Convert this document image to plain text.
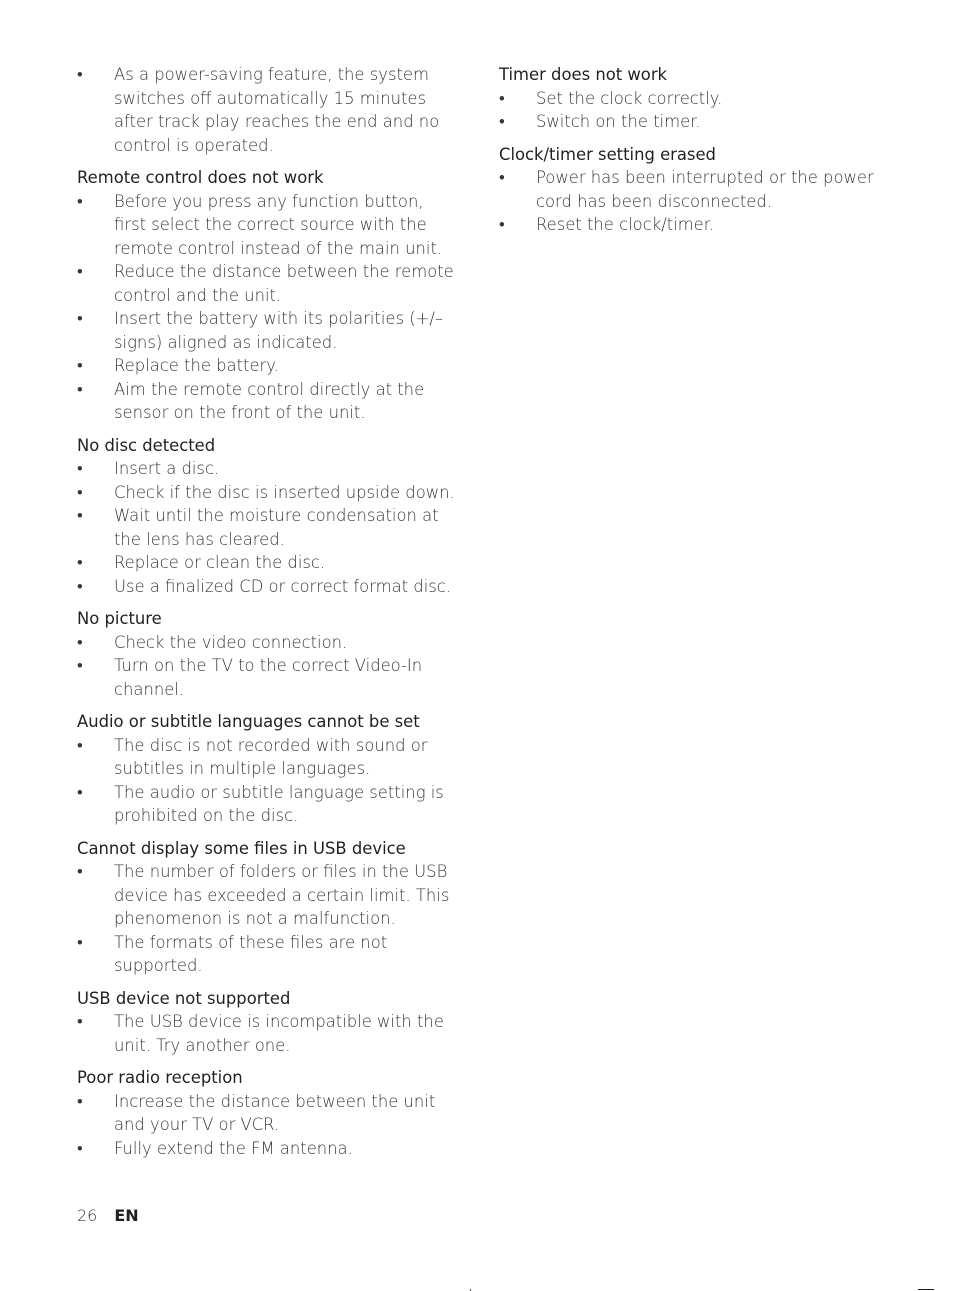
• As a power-saving feature, the system switches off automatically 15 minutes after track play reaches the end and no control is operated.
Remote control does not work
• Before you press any function button, first select the correct source with the remote control instead of the main unit.
• Reduce the distance between the remote control and the unit.
• Insert the battery with its polarities (+/– signs) aligned as indicated.
• Replace the battery.
• Aim the remote control directly at the sensor on the front of the unit.
No disc detected
• Insert a disc.
• Check if the disc is inserted upside down.
• Wait until the moisture condensation at the lens has cleared.
• Replace or clean the disc.
• Use a finalized CD or correct format disc.
No picture
• Check the video connection.
• Turn on the TV to the correct Video-In channel.
Audio or subtitle languages cannot be set
• The disc is not recorded with sound or subtitles in multiple languages.
• The audio or subtitle language setting is prohibited on the disc.
Cannot display some files in USB device
• The number of folders or files in the USB device has exceeded a certain limit. This phenomenon is not a malfunction.
• The formats of these files are not supported.
USB device not supported
• The USB device is incompatible with the unit. Try another one.
Poor radio reception
• Increase the distance between the unit and your TV or VCR.
• Fully extend the FM antenna.
Timer does not work
• Set the clock correctly.
• Switch on the timer.
Clock/timer setting erased
• Power has been interrupted or the power cord has been disconnected.
• Reset the clock/timer.
26 EN
